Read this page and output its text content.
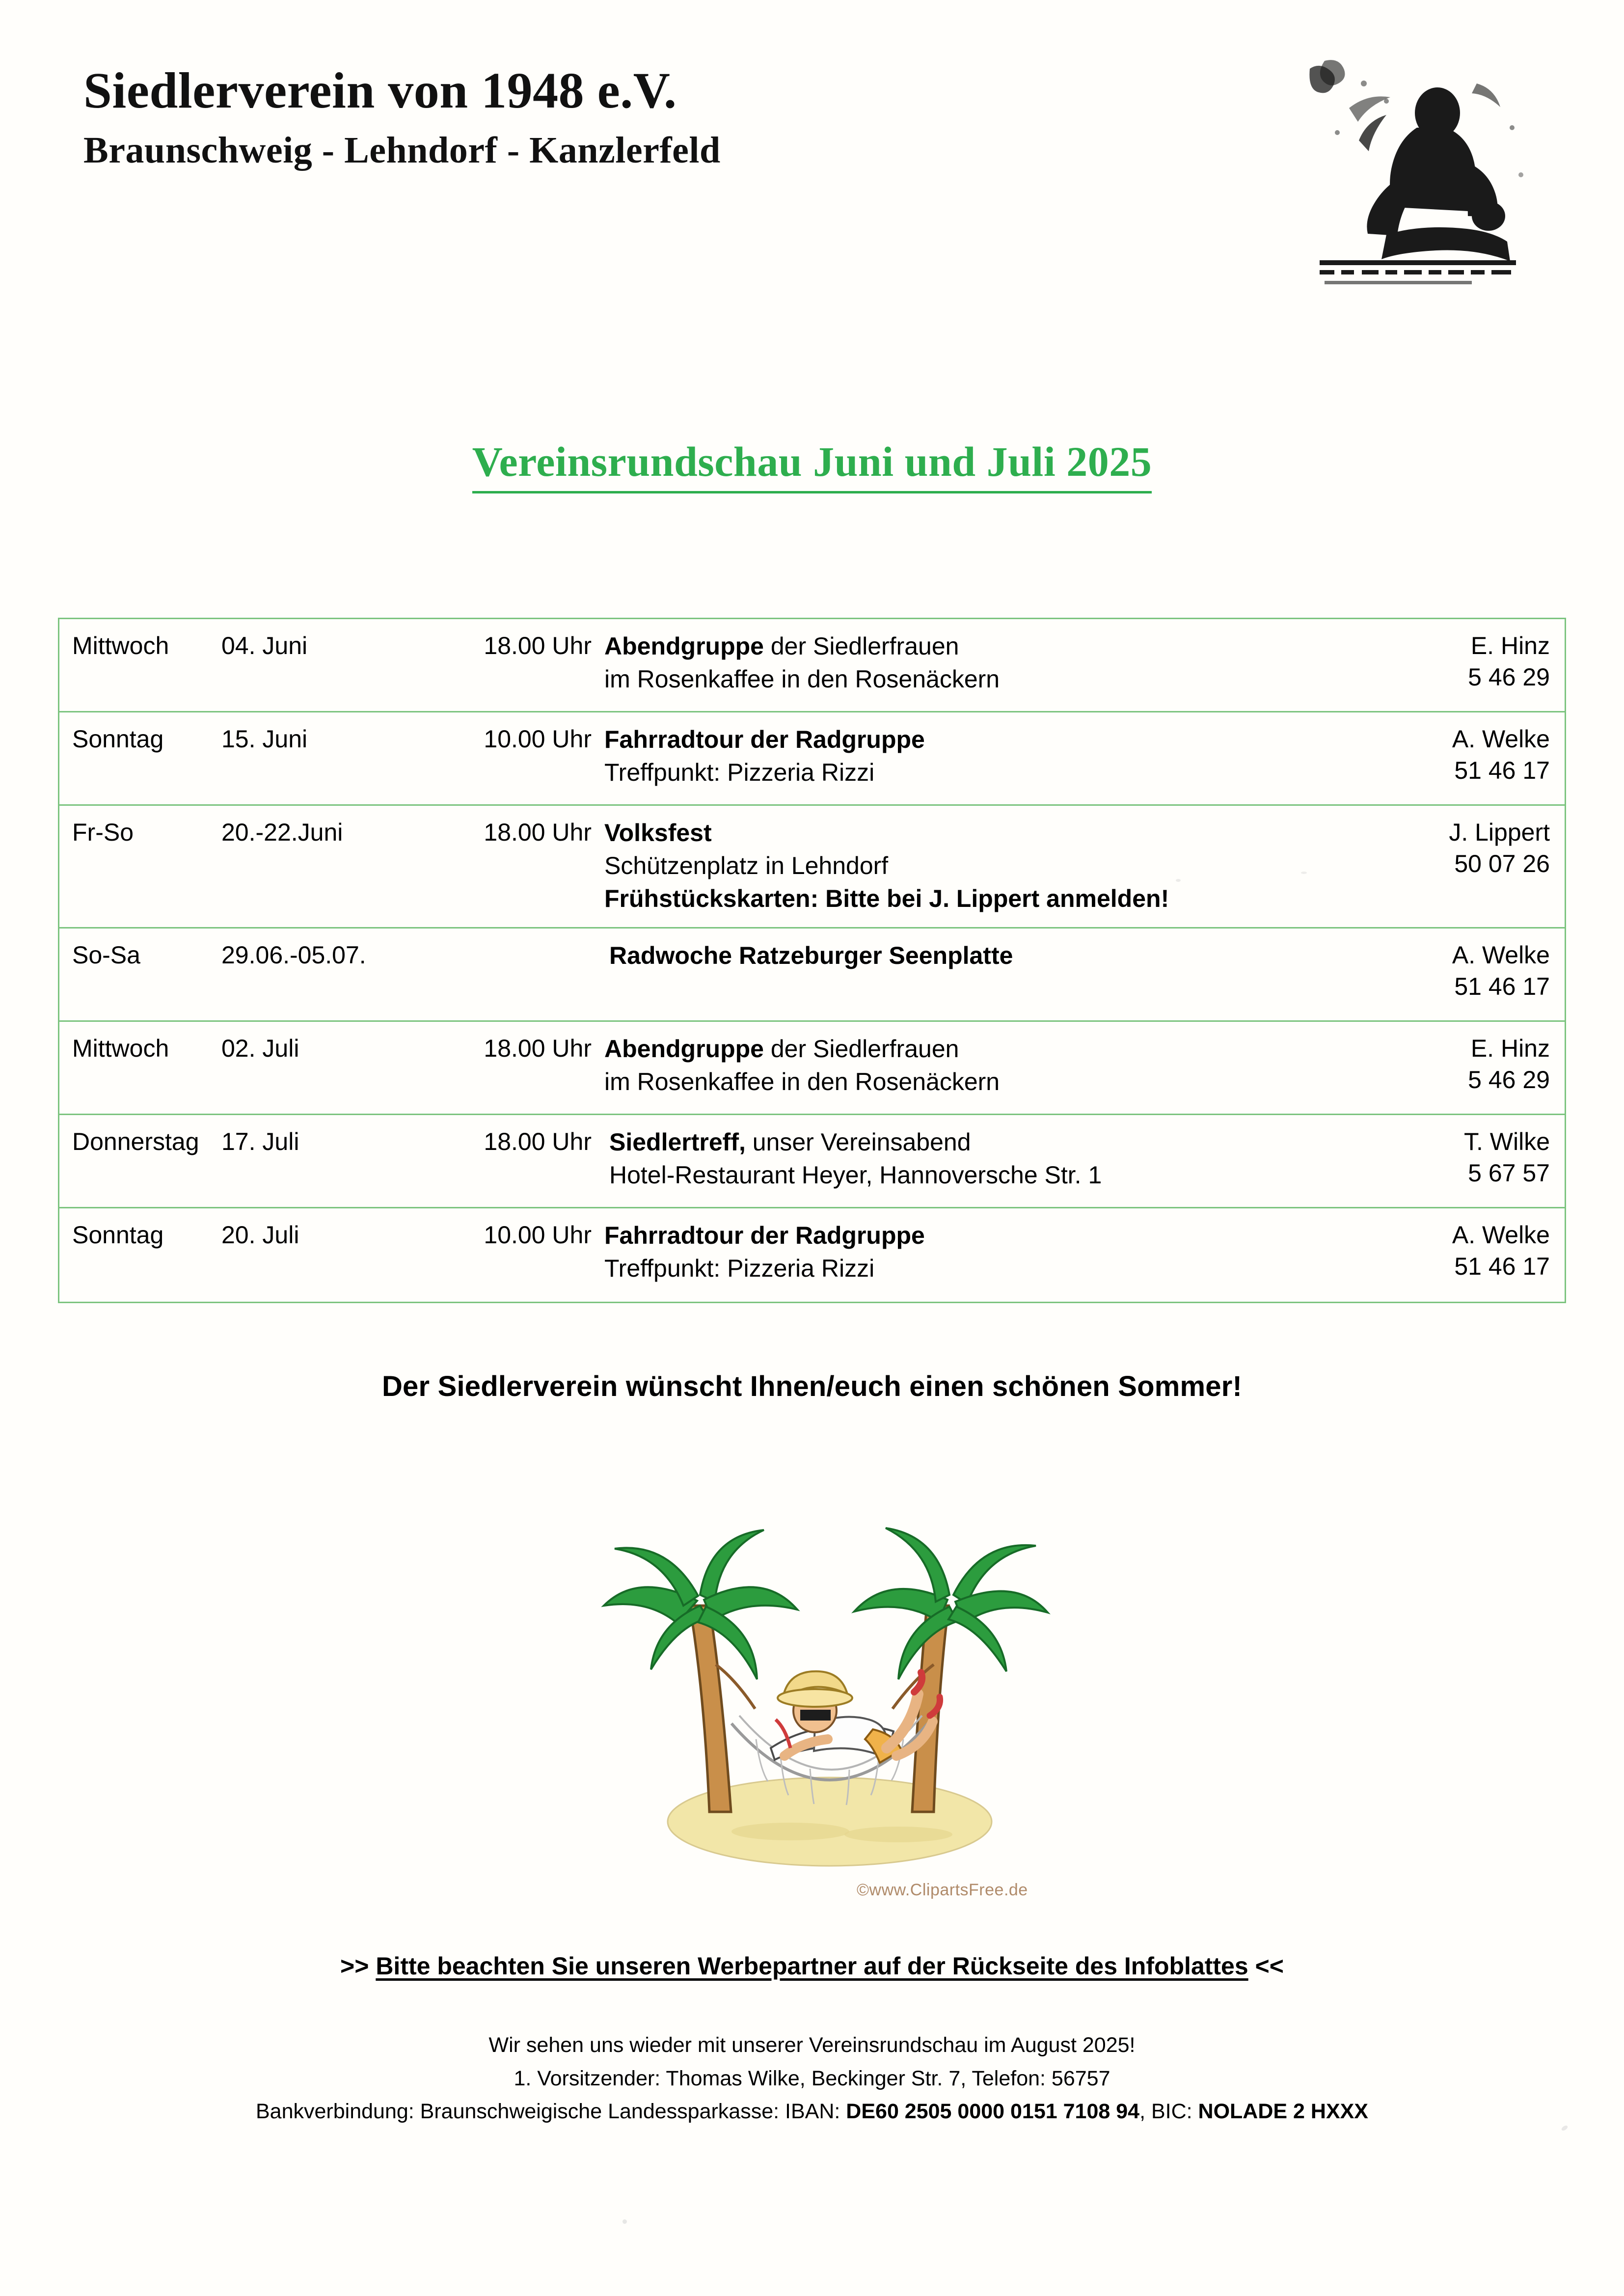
Siedlerverein von 1948 e.V.
Braunschweig - Lehndorf - Kanzlerfeld
Vereinsrundschau Juni und Juli 2025
Mittwoch	04. Juni	18.00 Uhr Abendgruppe der Siedlerfrauen
im Rosenkaffee in den Rosenäckern
E. Hinz
5 46 29
Sonntag	15. Juni	10.00 Uhr Fahrradtour der Radgruppe
Treffpunkt: Pizzeria Rizzi
A. Welke
51 46 17
Fr-So	20.-22.Juni	18.00 Uhr Volksfest
Schützenplatz in Lehndorf
Frühstückskarten: Bitte bei J. Lippert anmelden!
J. Lippert
50 07 26
So-Sa	29.06.-05.07.	Radwoche Ratzeburger Seenplatte	A. Welke
51 46 17
Mittwoch	02. Juli	18.00 Uhr Abendgruppe der Siedlerfrauen
im Rosenkaffee in den Rosenäckern
E. Hinz
5 46 29
Donnerstag 17. Juli	18.00 Uhr Siedlertreff, unser Vereinsabend
Hotel-Restaurant Heyer, Hannoversche Str. 1
T. Wilke
5 67 57
Sonntag	20. Juli	10.00 Uhr Fahrradtour der Radgruppe
Treffpunkt: Pizzeria Rizzi
A. Welke
51 46 17
Der Siedlerverein wünscht Ihnen/euch einen schönen Sommer!
©www.ClipartsFree.de
>> Bitte beachten Sie unseren Werbepartner auf der Rückseite des Infoblattes <<
Wir sehen uns wieder mit unserer Vereinsrundschau im August 2025!
1. Vorsitzender: Thomas Wilke, Beckinger Str. 7, Telefon: 56757
Bankverbindung: Braunschweigische Landessparkasse: IBAN: DE60 2505 0000 0151 7108 94, BIC: NOLADE 2 HXXX
